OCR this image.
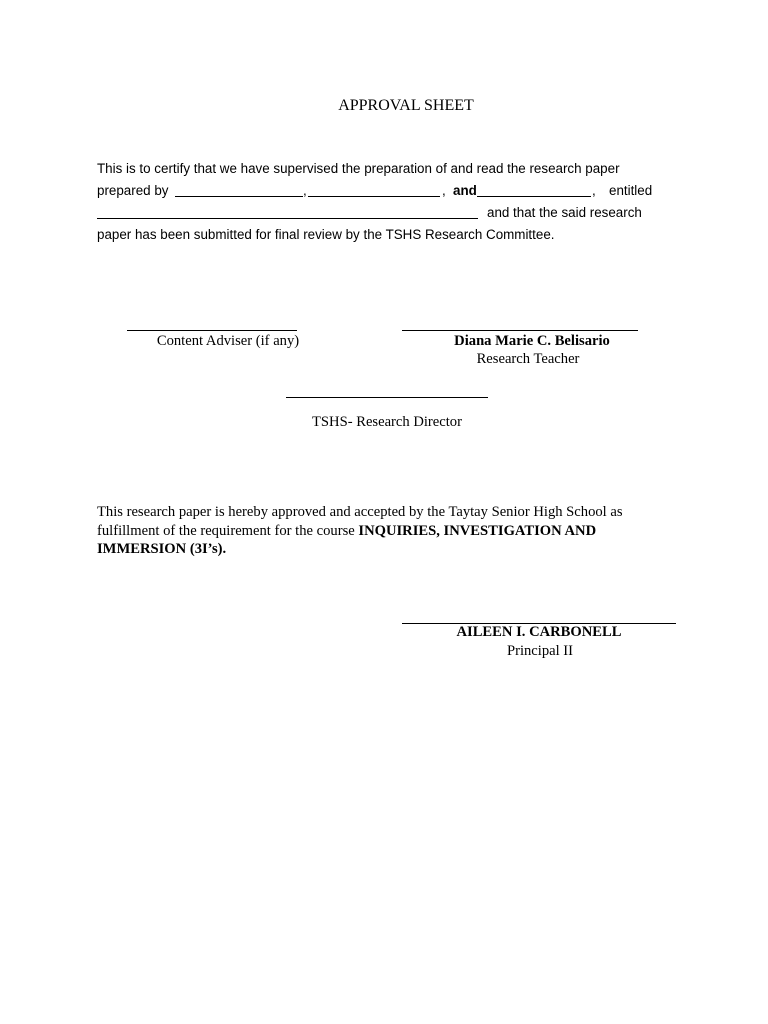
APPROVAL SHEET
This is to certify that we have supervised the preparation of and read the research paper
prepared by	,	, and	, entitled
and that the said research
paper has been submitted for final review by the TSHS Research Committee.
Content Adviser (if any)	Diana Marie C. Belisario
Research Teacher
TSHS- Research Director
This research paper is hereby approved and accepted by the Taytay Senior High School as fulfillment of the requirement for the course INQUIRIES, INVESTIGATION AND IMMERSION (3I’s).
AILEEN I. CARBONELL
Principal II
